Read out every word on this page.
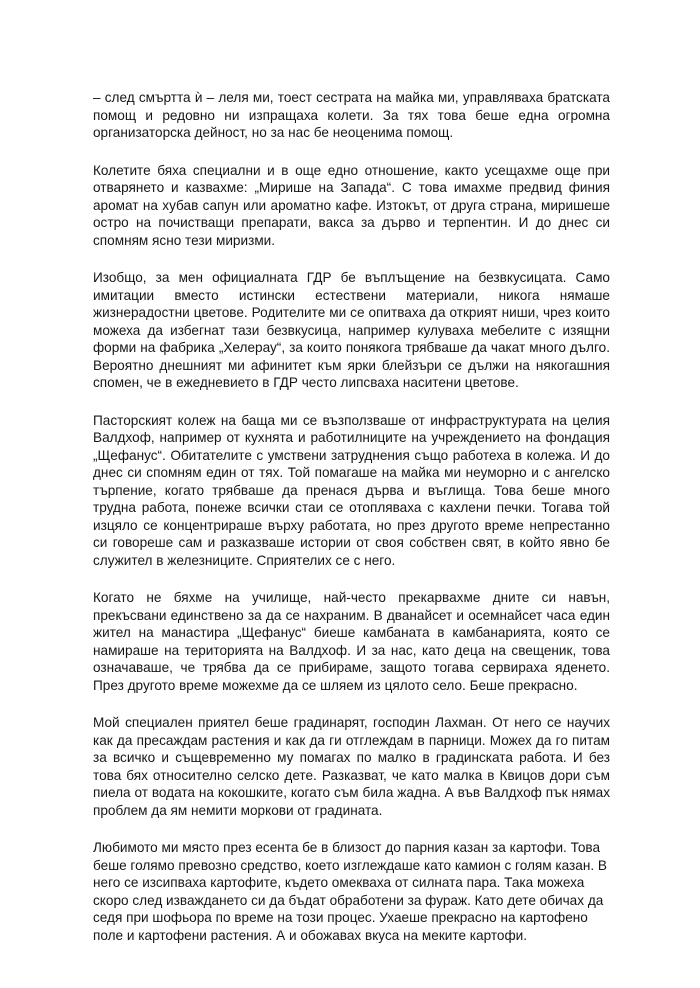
– след смъртта ѝ – леля ми, тоест сестрата на майка ми, управляваха братската помощ и редовно ни изпращаха колети. За тях това беше една огромна организаторска дейност, но за нас бе неоценима помощ.

Колетите бяха специални и в още едно отношение, както усещахме още при отварянето и казвахме: „Мирише на Запада“. С това имахме предвид финия аромат на хубав сапун или ароматно кафе. Изтокът, от друга страна, миришеше остро на почистващи препарати, вакса за дърво и терпентин. И до днес си спомням ясно тези миризми.

Изобщо, за мен официалната ГДР бе въплъщение на безвкусицата. Само имитации вместо истински естествени материали, никога нямаше жизнерадостни цветове. Родителите ми се опитваха да открият ниши, чрез които можеха да избегнат тази безвкусица, например кулуваха мебелите с изящни форми на фабрика „Хелерау“, за които понякога трябваше да чакат много дълго. Вероятно днешният ми афинитет към ярки блейзъри се дължи на някогашния спомен, че в ежедневието в ГДР често липсваха наситени цветове.

Пасторският колеж на баща ми се възползваше от инфраструктурата на целия Валдхоф, например от кухнята и работилниците на учреждението на фондация „Щефанус“. Обитателите с умствени затруднения също работеха в колежа. И до днес си спомням един от тях. Той помагаше на майка ми неуморно и с ангелско търпение, когато трябваше да пренася дърва и въглища. Това беше много трудна работа, понеже всички стаи се отопляваха с кахлени печки. Тогава той изцяло се концентрираше върху работата, но през другото време непрестанно си говореше сам и разказваше истории от своя собствен свят, в който явно бе служител в железниците. Сприятелих се с него.

Когато не бяхме на училище, най-често прекарвахме дните си навън, прекъсвани единствено за да се нахраним. В дванайсет и осемнайсет часа един жител на манастира „Щефанус“ биеше камбаната в камбанарията, която се намираше на територията на Валдхоф. И за нас, като деца на свещеник, това означаваше, че трябва да се прибираме, защото тогава сервираха яденето. През другото време можехме да се шляем из цялото село. Беше прекрасно.

Мой специален приятел беше градинарят, господин Лахман. От него се научих как да пресаждам растения и как да ги отглеждам в парници. Можех да го питам за всичко и същевременно му помагах по малко в градинската работа. И без това бях относително селско дете. Разказват, че като малка в Квицов дори съм пиела от водата на кокошките, когато съм била жадна. А във Валдхоф пък нямах проблем да ям немити моркови от градината.

Любимото ми място през есента бе в близост до парния казан за картофи. Това беше голямо превозно средство, което изглеждаше като камион с голям казан. В него се изсипваха картофите, където омекваха от силната пара. Така можеха скоро след изваждането си да бъдат обработени за фураж. Като дете обичах да седя при шофьора по време на този процес. Ухаеше прекрасно на картофено поле и картофени растения. А и обожавах вкуса на меките картофи.
